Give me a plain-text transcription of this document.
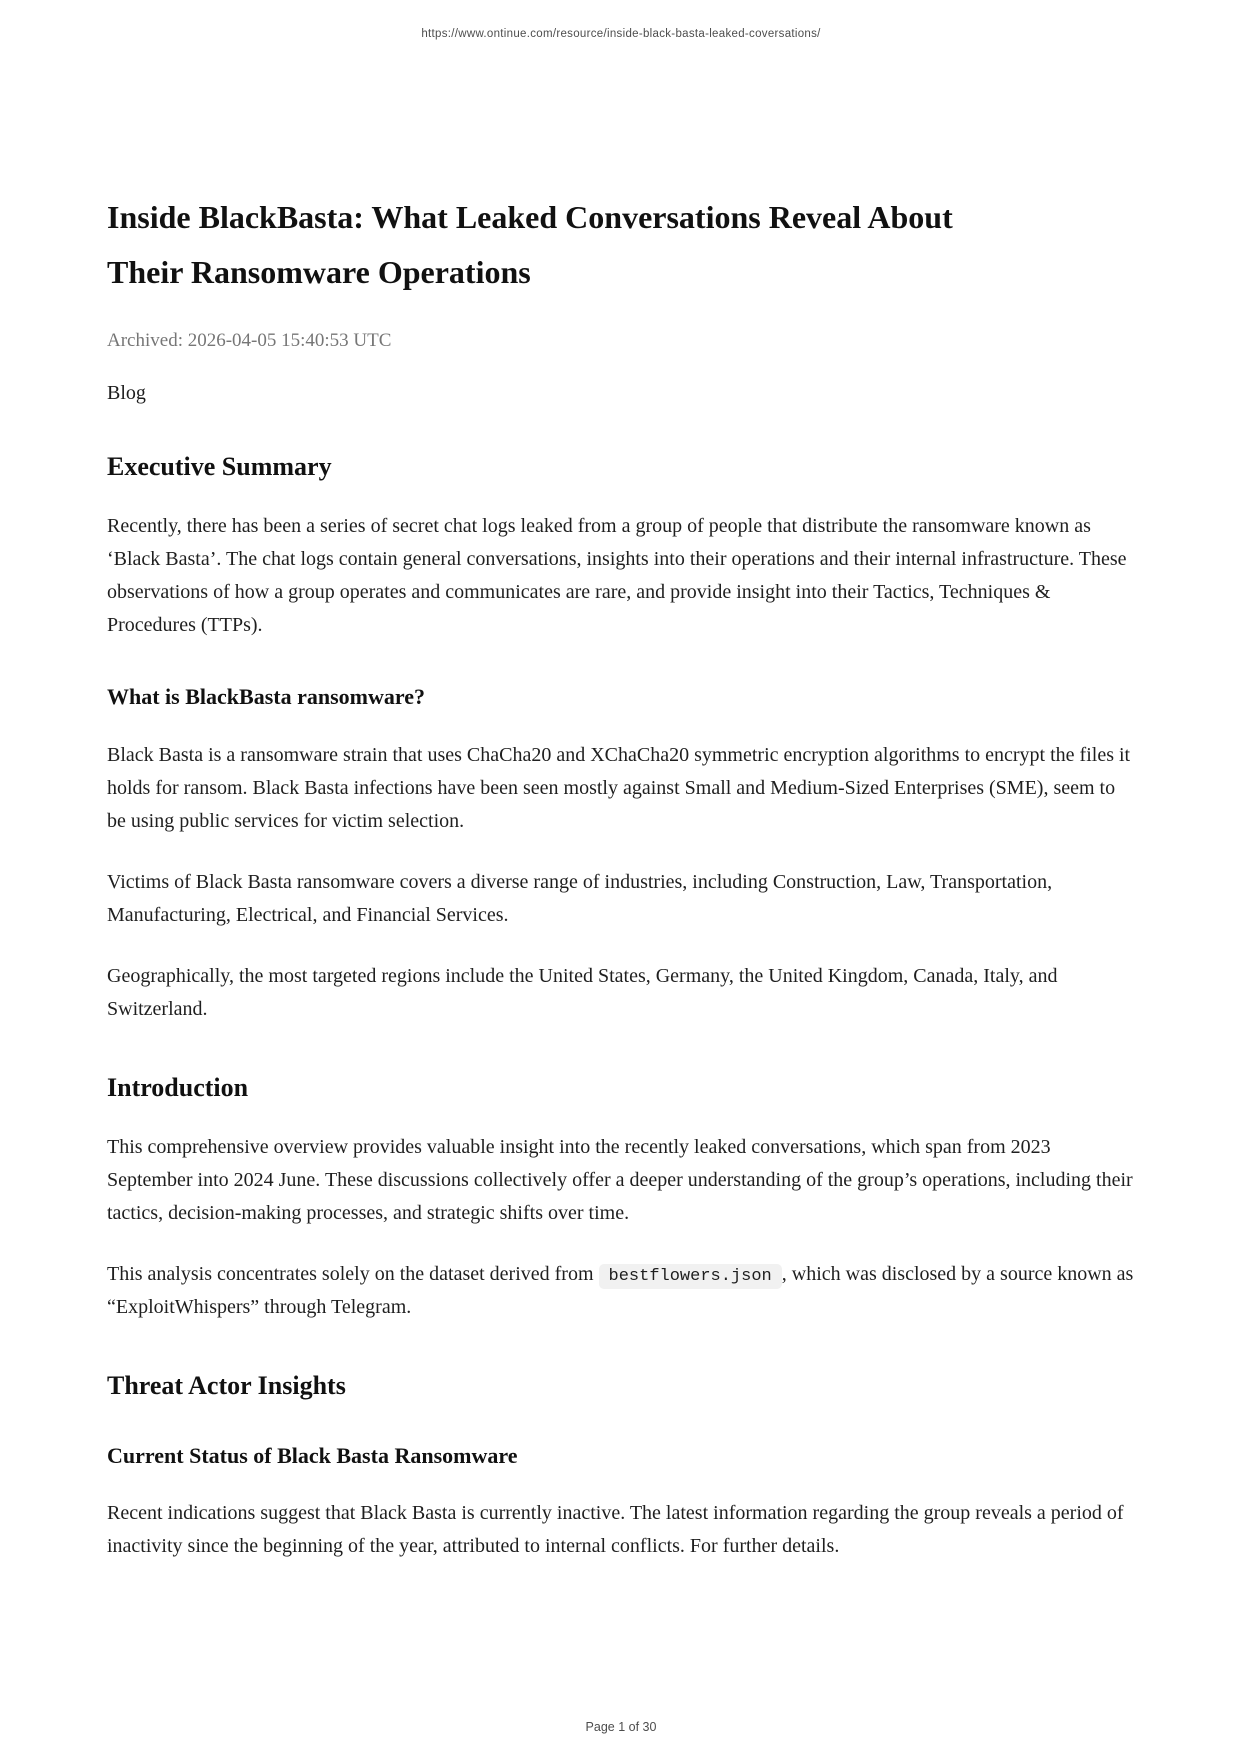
https://www.ontinue.com/resource/inside-black-basta-leaked-coversations/
Inside BlackBasta: What Leaked Conversations Reveal About Their Ransomware Operations

Archived: 2026-04-05 15:40:53 UTC

Blog

Executive Summary

Recently, there has been a series of secret chat logs leaked from a group of people that distribute the ransomware known as ‘Black Basta’. The chat logs contain general conversations, insights into their operations and their internal infrastructure. These observations of how a group operates and communicates are rare, and provide insight into their Tactics, Techniques & Procedures (TTPs).

What is BlackBasta ransomware?

Black Basta is a ransomware strain that uses ChaCha20 and XChaCha20 symmetric encryption algorithms to encrypt the files it holds for ransom. Black Basta infections have been seen mostly against Small and Medium-Sized Enterprises (SME), seem to be using public services for victim selection.

Victims of Black Basta ransomware covers a diverse range of industries, including Construction, Law, Transportation, Manufacturing, Electrical, and Financial Services.

Geographically, the most targeted regions include the United States, Germany, the United Kingdom, Canada, Italy, and Switzerland.

Introduction

This comprehensive overview provides valuable insight into the recently leaked conversations, which span from 2023 September into 2024 June. These discussions collectively offer a deeper understanding of the group’s operations, including their tactics, decision-making processes, and strategic shifts over time.

This analysis concentrates solely on the dataset derived from bestflowers.json , which was disclosed by a source known as “ExploitWhispers” through Telegram.

Threat Actor Insights
Current Status of Black Basta Ransomware

Recent indications suggest that Black Basta is currently inactive. The latest information regarding the group reveals a period of inactivity since the beginning of the year, attributed to internal conflicts. For further details.

Page 1 of 30
